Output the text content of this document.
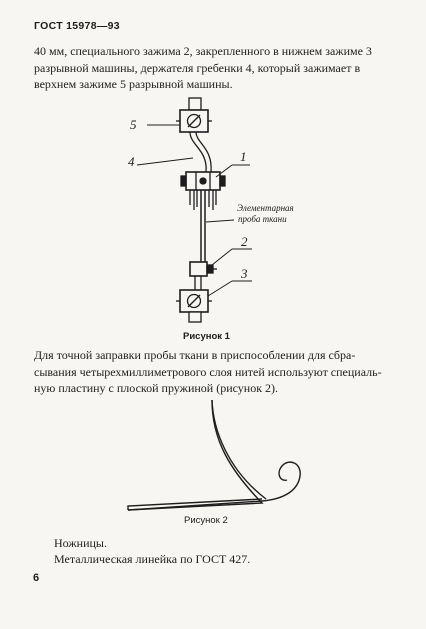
ГОСТ 15978—93
40 мм, специального зажима 2, закрепленного в нижнем зажиме 3
разрывной машины, держателя гребенки 4, который зажимает в
верхнем зажиме 5 разрывной машины.
5
4	1
2
3
Элементарная
проба ткани
Рисунок 1
Для точной заправки пробы ткани в приспособлении для сбра-
сывания четырехмиллиметрового слоя нитей используют специаль-
ную пластину с плоской пружиной (рисунок 2).
Рисунок 2
Ножницы.
Металлическая линейка по ГОСТ 427.
6
